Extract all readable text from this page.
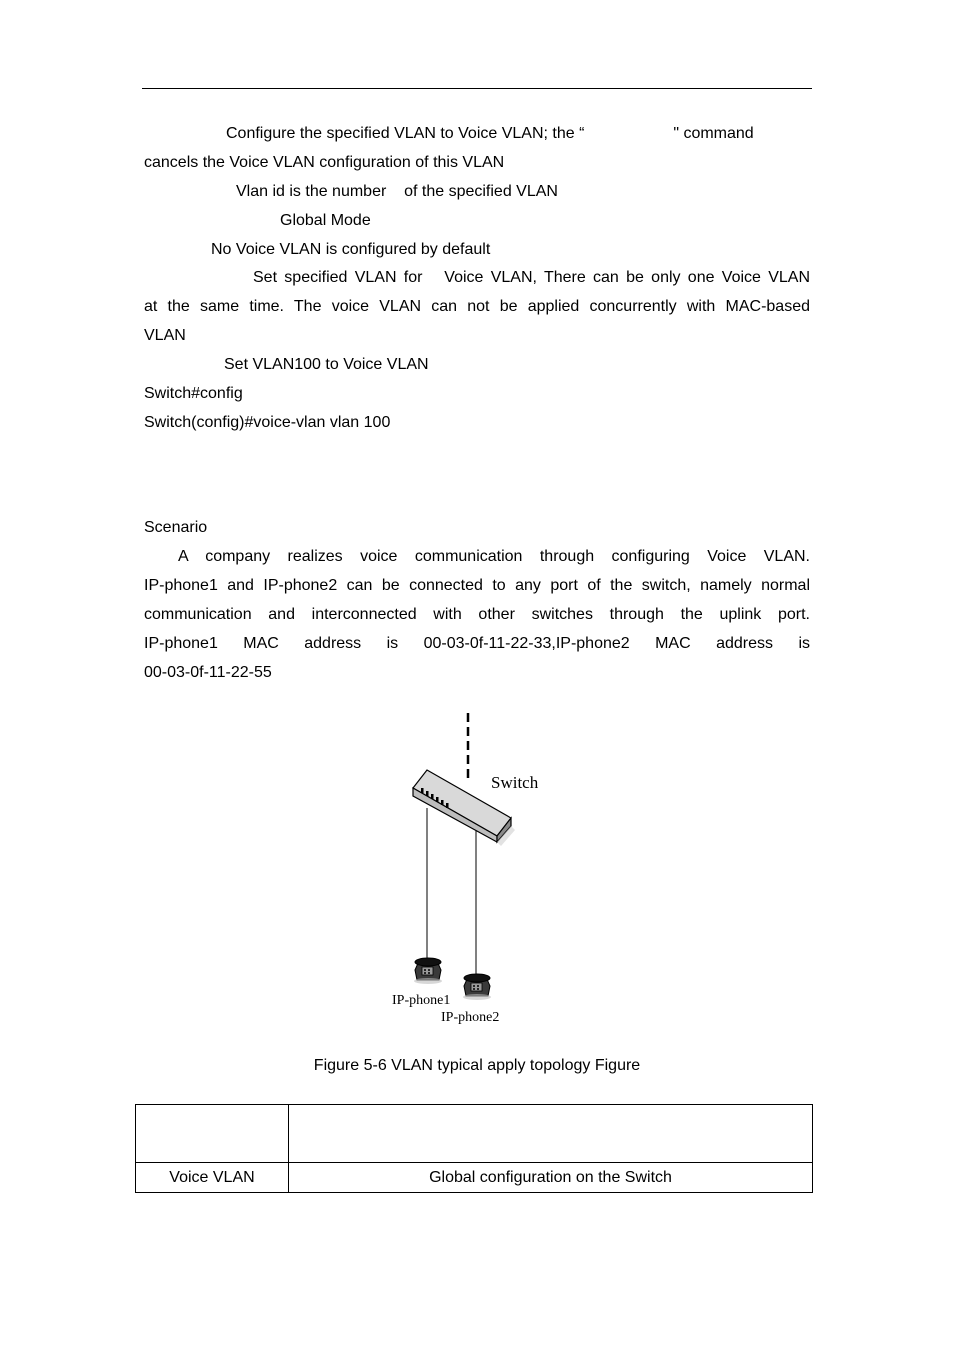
Configure the specified VLAN to Voice VLAN; the “                    " command
cancels the Voice VLAN configuration of this VLAN
Vlan id is the number    of the specified VLAN
Global Mode
No Voice VLAN is configured by default
Set specified VLAN for   Voice VLAN, There can be only one Voice VLAN
at the same time. The voice VLAN can not be applied concurrently with MAC-based
VLAN
Set VLAN100 to Voice VLAN
Switch#config
Switch(config)#voice-vlan vlan 100
Scenario
A company realizes voice communication through configuring Voice VLAN.
IP-phone1 and IP-phone2 can be connected to any port of the switch, namely normal
communication and interconnected with other switches through the uplink port.
IP-phone1 MAC address is 00-03-0f-11-22-33,IP-phone2 MAC address is
00-03-0f-11-22-55
Switch
IP-phone1
IP-phone2
Figure 5-6 VLAN typical apply topology Figure

Voice VLAN	Global configuration on the Switch
